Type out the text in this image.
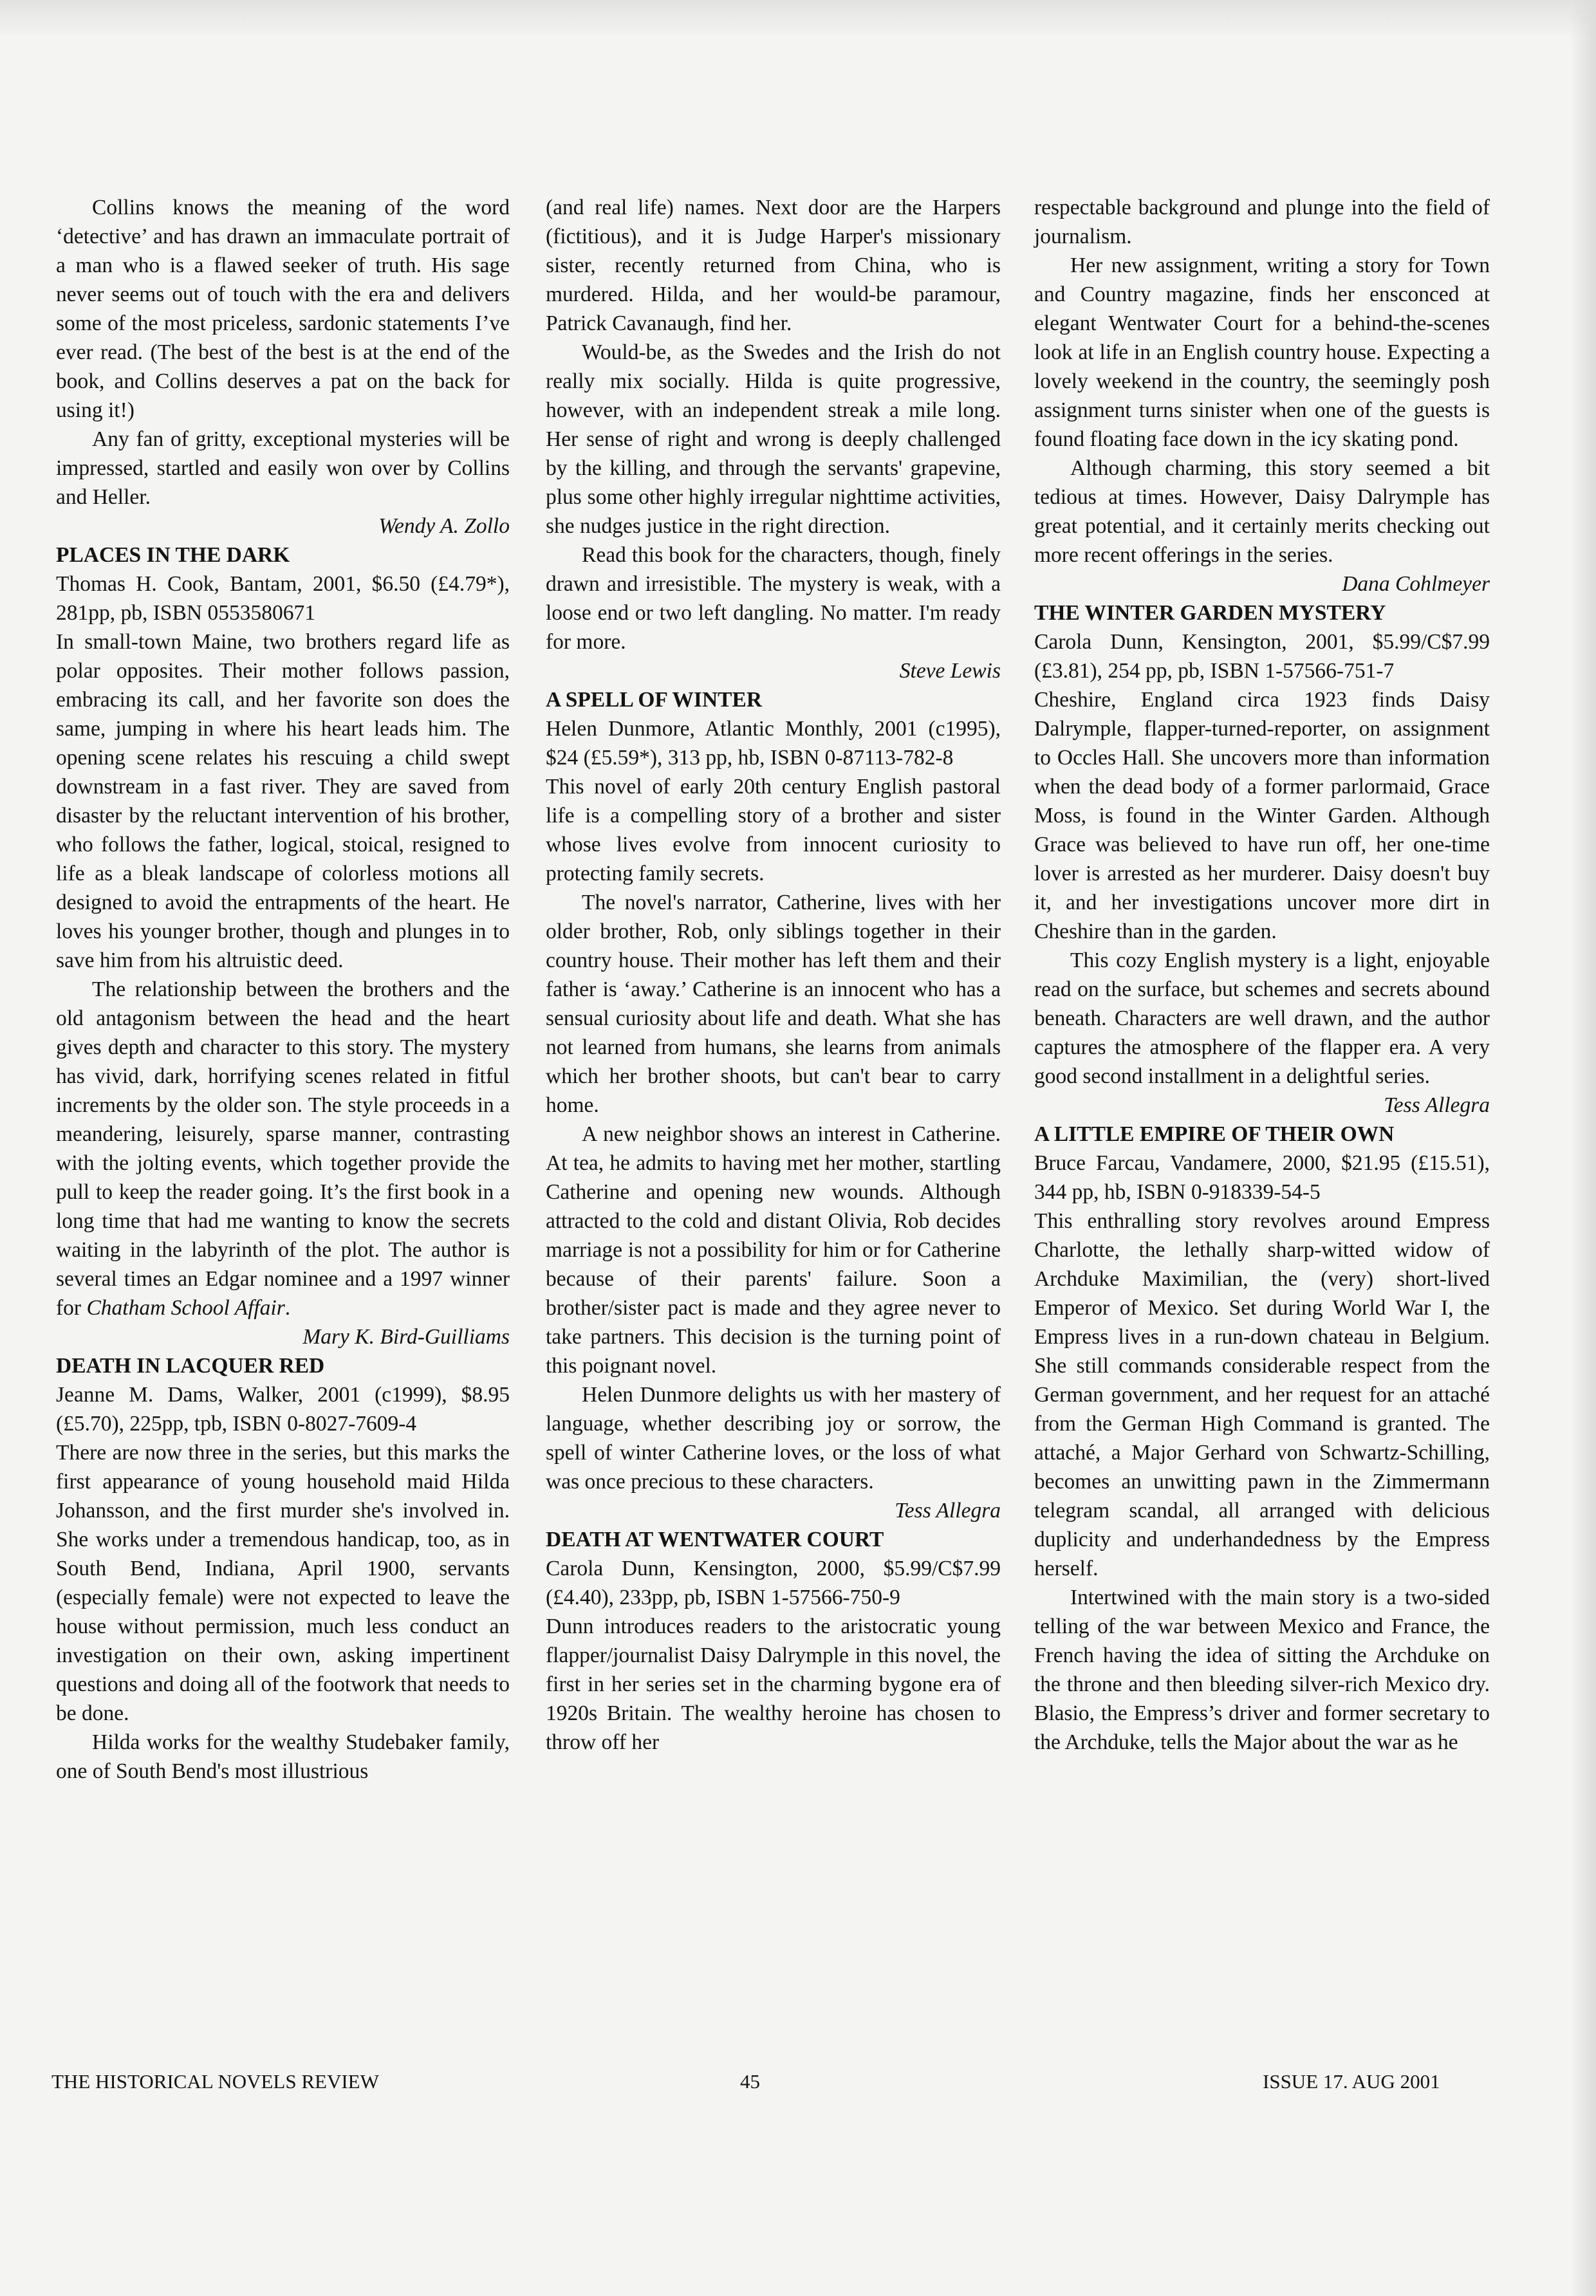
Collins knows the meaning of the word ‘detective’ and has drawn an immaculate portrait of a man who is a flawed seeker of truth. His sage never seems out of touch with the era and delivers some of the most priceless, sardonic statements I’ve ever read. (The best of the best is at the end of the book, and Collins deserves a pat on the back for using it!)

Any fan of gritty, exceptional mysteries will be impressed, startled and easily won over by Collins and Heller.

Wendy A. Zollo

PLACES IN THE DARK

Thomas H. Cook, Bantam, 2001, $6.50 (£4.79*), 281pp, pb, ISBN 0553580671

In small-town Maine, two brothers regard life as polar opposites. Their mother follows passion, embracing its call, and her favorite son does the same, jumping in where his heart leads him. The opening scene relates his rescuing a child swept downstream in a fast river. They are saved from disaster by the reluctant intervention of his brother, who follows the father, logical, stoical, resigned to life as a bleak landscape of colorless motions all designed to avoid the entrapments of the heart. He loves his younger brother, though and plunges in to save him from his altruistic deed.

The relationship between the brothers and the old antagonism between the head and the heart gives depth and character to this story. The mystery has vivid, dark, horrifying scenes related in fitful increments by the older son. The style proceeds in a meandering, leisurely, sparse manner, contrasting with the jolting events, which together provide the pull to keep the reader going. It’s the first book in a long time that had me wanting to know the secrets waiting in the labyrinth of the plot. The author is several times an Edgar nominee and a 1997 winner for Chatham School Affair.

Mary K. Bird-Guilliams

DEATH IN LACQUER RED

Jeanne M. Dams, Walker, 2001 (c1999), $8.95 (£5.70), 225pp, tpb, ISBN 0-8027-7609-4

There are now three in the series, but this marks the first appearance of young household maid Hilda Johansson, and the first murder she's involved in. She works under a tremendous handicap, too, as in South Bend, Indiana, April 1900, servants (especially female) were not expected to leave the house without permission, much less conduct an investigation on their own, asking impertinent questions and doing all of the footwork that needs to be done.

Hilda works for the wealthy Studebaker family, one of South Bend's most illustrious

(and real life) names. Next door are the Harpers (fictitious), and it is Judge Harper's missionary sister, recently returned from China, who is murdered. Hilda, and her would-be paramour, Patrick Cavanaugh, find her.

Would-be, as the Swedes and the Irish do not really mix socially. Hilda is quite progressive, however, with an independent streak a mile long. Her sense of right and wrong is deeply challenged by the killing, and through the servants' grapevine, plus some other highly irregular nighttime activities, she nudges justice in the right direction.

Read this book for the characters, though, finely drawn and irresistible. The mystery is weak, with a loose end or two left dangling. No matter. I'm ready for more.

Steve Lewis

A SPELL OF WINTER

Helen Dunmore, Atlantic Monthly, 2001 (c1995), $24 (£5.59*), 313 pp, hb, ISBN 0-87113-782-8

This novel of early 20th century English pastoral life is a compelling story of a brother and sister whose lives evolve from innocent curiosity to protecting family secrets.

The novel's narrator, Catherine, lives with her older brother, Rob, only siblings together in their country house. Their mother has left them and their father is ‘away.’ Catherine is an innocent who has a sensual curiosity about life and death. What she has not learned from humans, she learns from animals which her brother shoots, but can't bear to carry home.

A new neighbor shows an interest in Catherine. At tea, he admits to having met her mother, startling Catherine and opening new wounds. Although attracted to the cold and distant Olivia, Rob decides marriage is not a possibility for him or for Catherine because of their parents' failure. Soon a brother/sister pact is made and they agree never to take partners. This decision is the turning point of this poignant novel.

Helen Dunmore delights us with her mastery of language, whether describing joy or sorrow, the spell of winter Catherine loves, or the loss of what was once precious to these characters.

Tess Allegra

DEATH AT WENTWATER COURT

Carola Dunn, Kensington, 2000, $5.99/C$7.99 (£4.40), 233pp, pb, ISBN 1-57566-750-9

Dunn introduces readers to the aristocratic young flapper/journalist Daisy Dalrymple in this novel, the first in her series set in the charming bygone era of 1920s Britain. The wealthy heroine has chosen to throw off her

respectable background and plunge into the field of journalism.

Her new assignment, writing a story for Town and Country magazine, finds her ensconced at elegant Wentwater Court for a behind-the-scenes look at life in an English country house. Expecting a lovely weekend in the country, the seemingly posh assignment turns sinister when one of the guests is found floating face down in the icy skating pond.

Although charming, this story seemed a bit tedious at times. However, Daisy Dalrymple has great potential, and it certainly merits checking out more recent offerings in the series.

Dana Cohlmeyer

THE WINTER GARDEN MYSTERY

Carola Dunn, Kensington, 2001, $5.99/C$7.99 (£3.81), 254 pp, pb, ISBN 1-57566-751-7

Cheshire, England circa 1923 finds Daisy Dalrymple, flapper-turned-reporter, on assignment to Occles Hall. She uncovers more than information when the dead body of a former parlormaid, Grace Moss, is found in the Winter Garden. Although Grace was believed to have run off, her one-time lover is arrested as her murderer. Daisy doesn't buy it, and her investigations uncover more dirt in Cheshire than in the garden.

This cozy English mystery is a light, enjoyable read on the surface, but schemes and secrets abound beneath. Characters are well drawn, and the author captures the atmosphere of the flapper era. A very good second installment in a delightful series.

Tess Allegra

A LITTLE EMPIRE OF THEIR OWN

Bruce Farcau, Vandamere, 2000, $21.95 (£15.51), 344 pp, hb, ISBN 0-918339-54-5

This enthralling story revolves around Empress Charlotte, the lethally sharp-witted widow of Archduke Maximilian, the (very) short-lived Emperor of Mexico. Set during World War I, the Empress lives in a run-down chateau in Belgium. She still commands considerable respect from the German government, and her request for an attaché from the German High Command is granted. The attaché, a Major Gerhard von Schwartz-Schilling, becomes an unwitting pawn in the Zimmermann telegram scandal, all arranged with delicious duplicity and underhandedness by the Empress herself.

Intertwined with the main story is a two-sided telling of the war between Mexico and France, the French having the idea of sitting the Archduke on the throne and then bleeding silver-rich Mexico dry. Blasio, the Empress’s driver and former secretary to the Archduke, tells the Major about the war as he

THE HISTORICAL NOVELS REVIEW	45	ISSUE 17. AUG 2001
